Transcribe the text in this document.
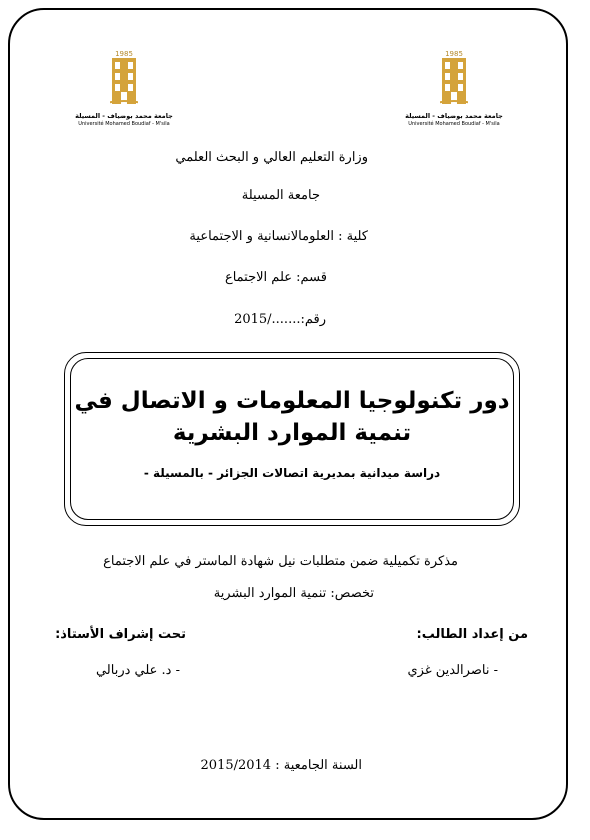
1985
جامعة محمد بوضياف - المسيلة
Université Mohamed Boudiaf - M'sila
1985
جامعة محمد بوضياف - المسيلة
Université Mohamed Boudiaf - M'sila
وزارة التعليم العالي و البحث العلمي
جامعة المسيلة
كلية : العلومالانسانية و الاجتماعية
قسم: علم الاجتماع
رقم:......./2015
دور تكنولوجيا المعلومات و الاتصال في
تنمية الموارد البشرية
دراسة ميدانية بمديرية اتصالات الجزائر - بالمسيلة -
مذكرة تكميلية ضمن متطلبات نيل شهادة الماستر في علم الاجتماع
تخصص: تنمية الموارد البشرية
من إعداد الطالب:
تحت إشراف الأستاذ:
- ناصرالدين غزي
- د. علي دربالي
السنة الجامعية : 2015/2014
